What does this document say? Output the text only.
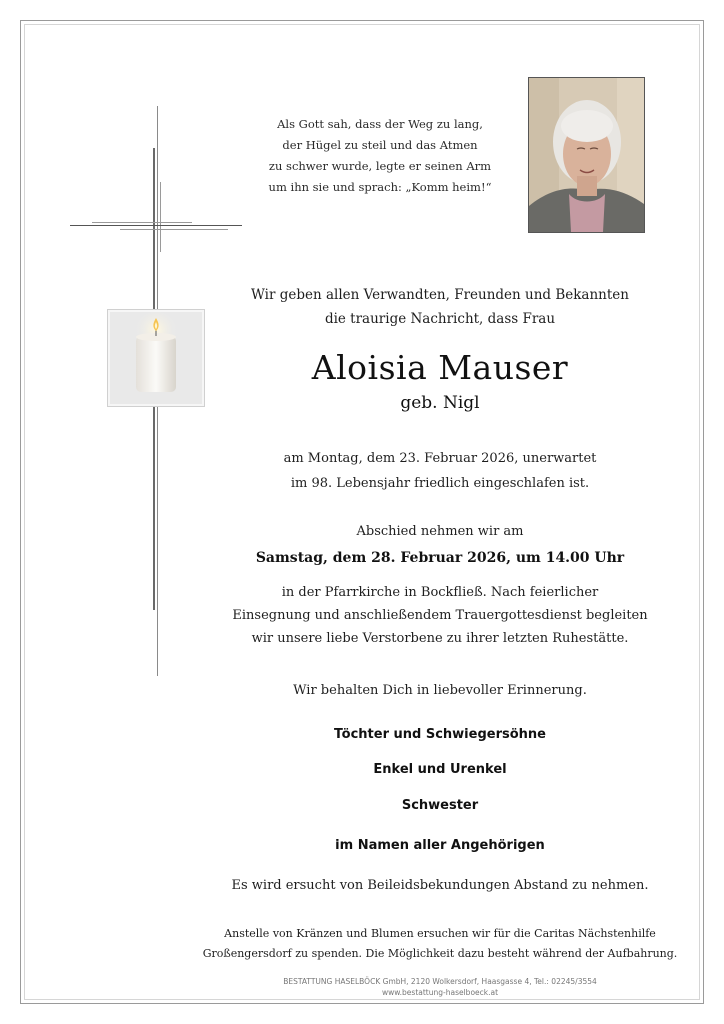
Als Gott sah, dass der Weg zu lang,
der Hügel zu steil und das Atmen
zu schwer wurde, legte er seinen Arm
um ihn sie und sprach: „Komm heim!“
Wir geben allen Verwandten, Freunden und Bekannten
die traurige Nachricht, dass Frau
Aloisia Mauser
geb. Nigl
am Montag, dem 23. Februar 2026, unerwartet
im 98. Lebensjahr friedlich eingeschlafen ist.
Abschied nehmen wir am
Samstag, dem 28. Februar 2026, um 14.00 Uhr
in der Pfarrkirche in Bockfließ. Nach feierlicher
Einsegnung und anschließendem Trauergottesdienst begleiten
wir unsere liebe Verstorbene zu ihrer letzten Ruhestätte.
Wir behalten Dich in liebevoller Erinnerung.
Töchter und Schwiegersöhne
Enkel und Urenkel
Schwester
im Namen aller Angehörigen
Es wird ersucht von Beileidsbekundungen Abstand zu nehmen.
Anstelle von Kränzen und Blumen ersuchen wir für die Caritas Nächstenhilfe
Großengersdorf zu spenden. Die Möglichkeit dazu besteht während der Aufbahrung.
BESTATTUNG HASELBÖCK GmbH, 2120 Wolkersdorf, Haasgasse 4, Tel.: 02245/3554
www.bestattung-haselboeck.at
